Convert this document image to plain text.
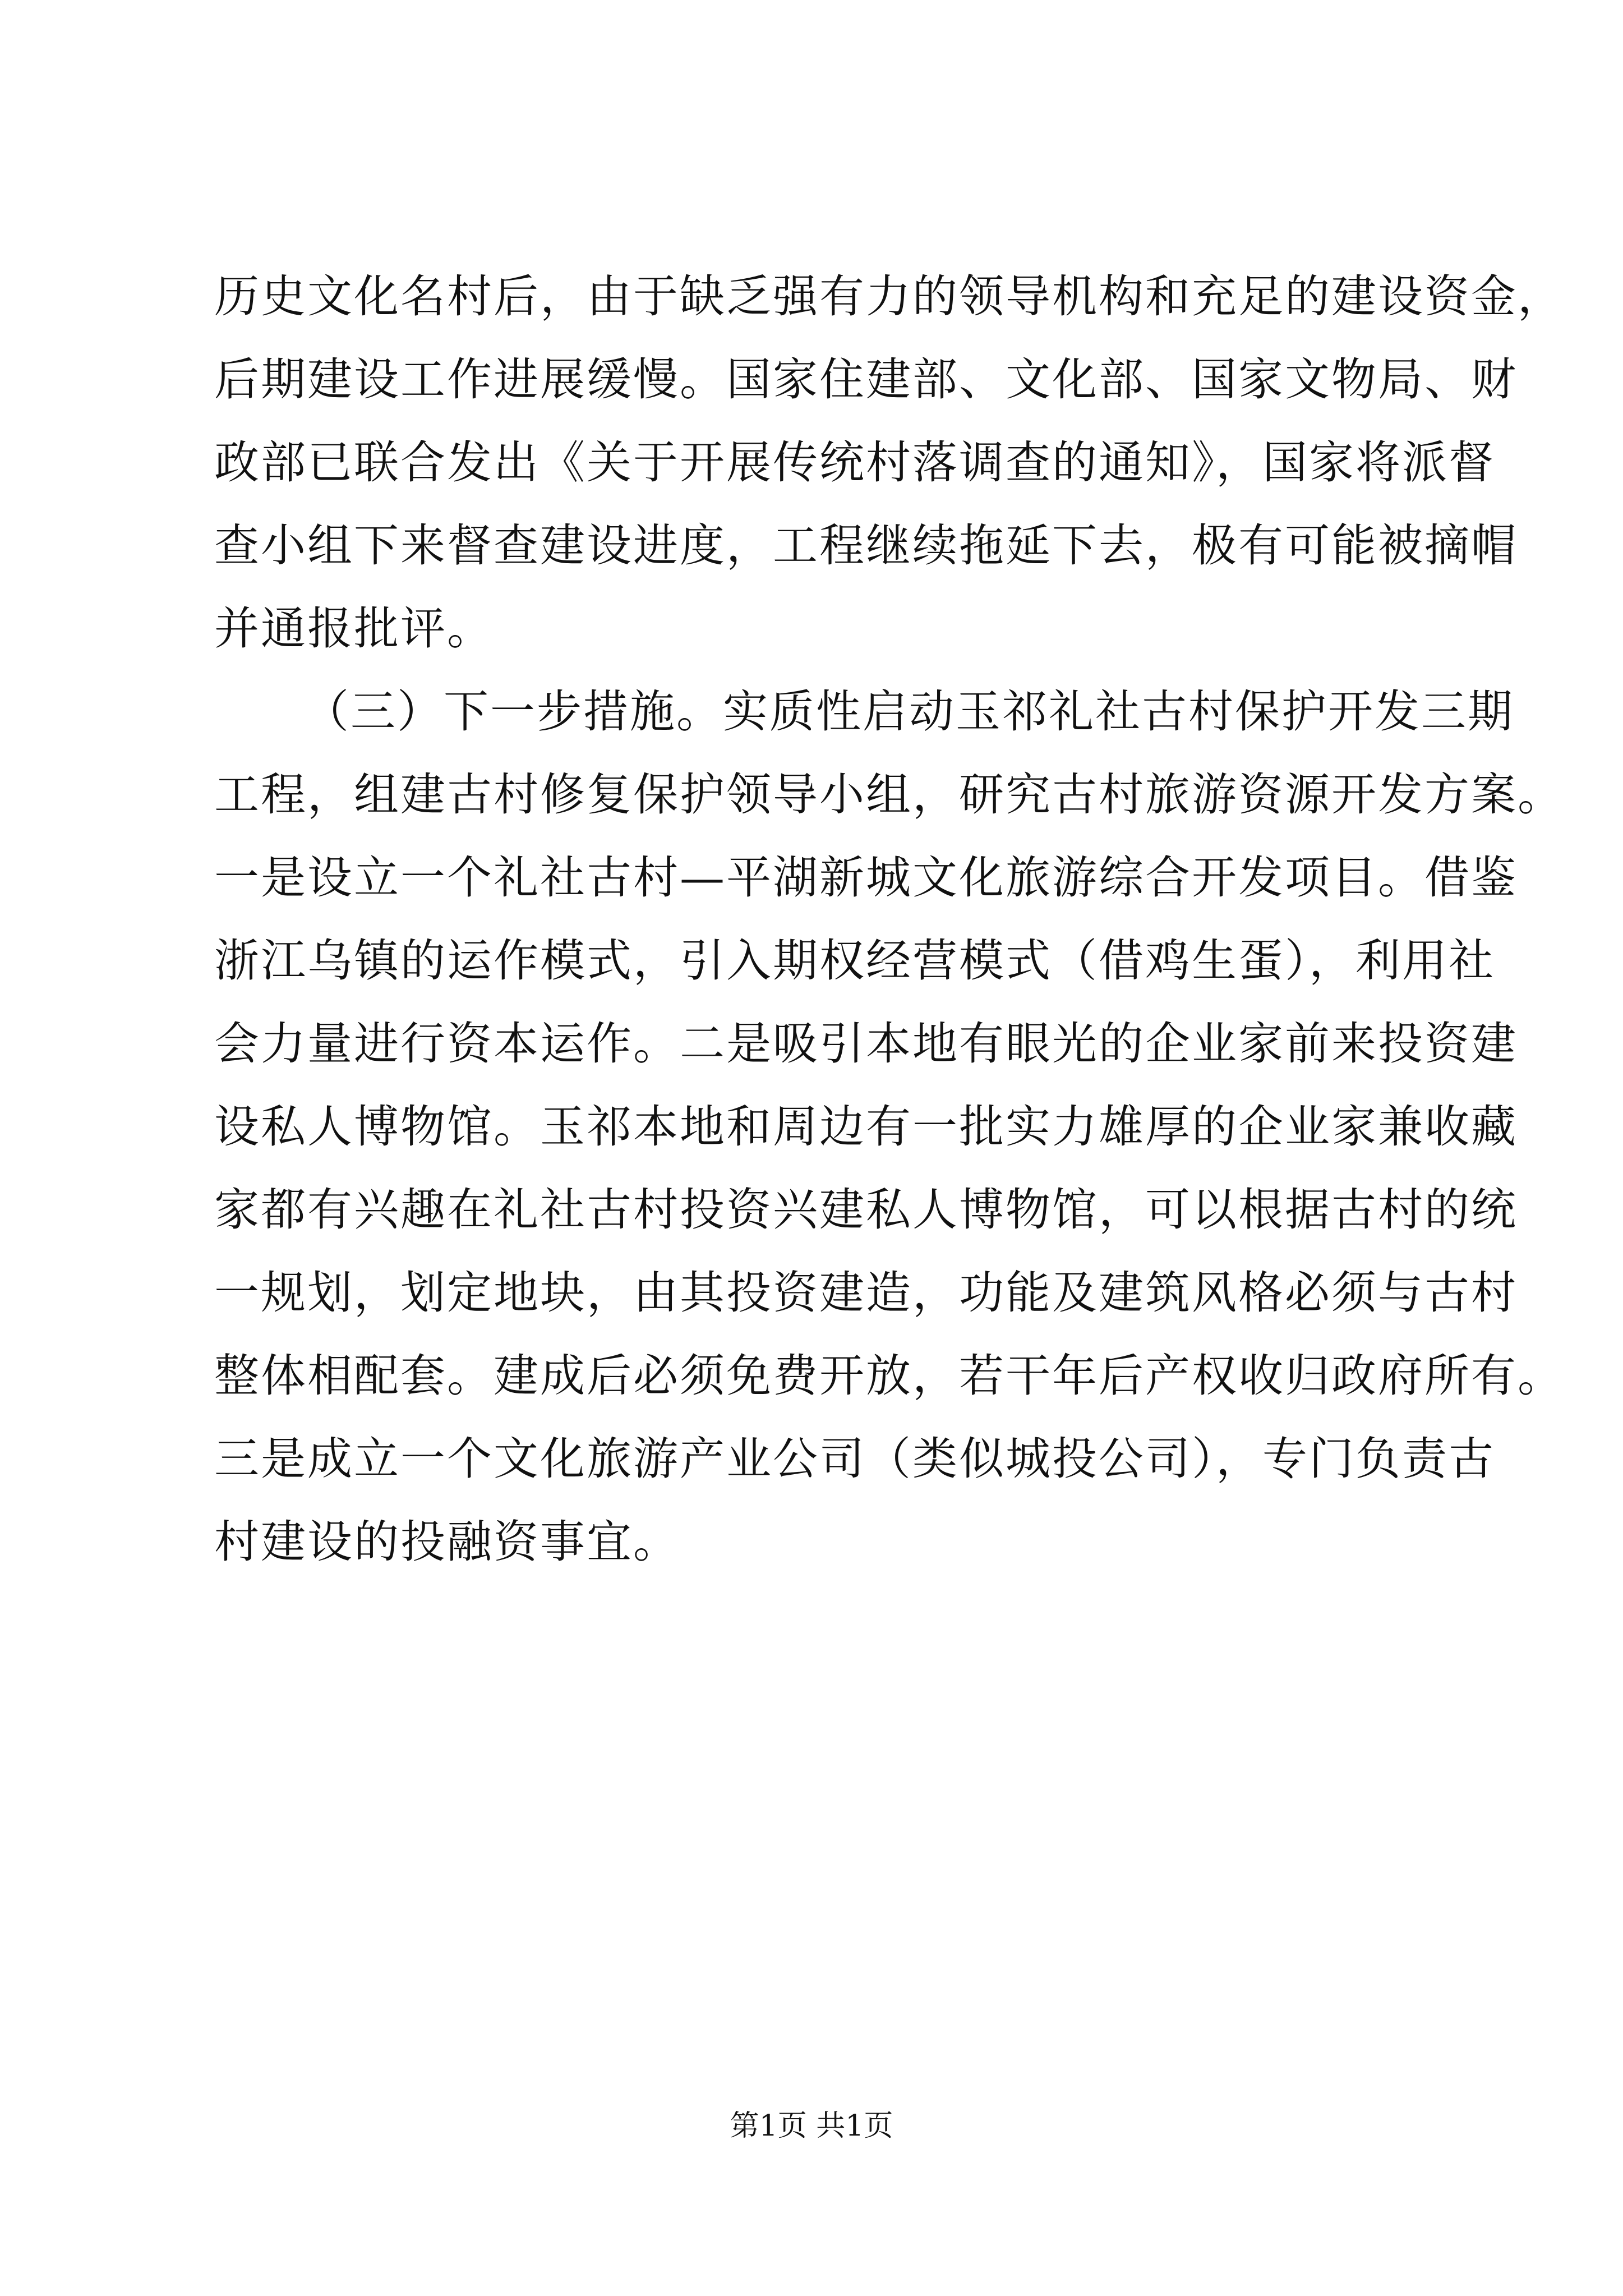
历史文化名村后，由于缺乏强有力的领导机构和充足的建设资金，
后期建设工作进展缓慢。国家住建部、文化部、国家文物局、财
政部已联合发出《关于开展传统村落调查的通知》，国家将派督
查小组下来督查建设进度，工程继续拖延下去，极有可能被摘帽
并通报批评。
（三）下一步措施。实质性启动玉祁礼社古村保护开发三期
工程，组建古村修复保护领导小组，研究古村旅游资源开发方案。
一是设立一个礼社古村—平湖新城文化旅游综合开发项目。借鉴
浙江乌镇的运作模式，引入期权经营模式（借鸡生蛋），利用社
会力量进行资本运作。二是吸引本地有眼光的企业家前来投资建
设私人博物馆。玉祁本地和周边有一批实力雄厚的企业家兼收藏
家都有兴趣在礼社古村投资兴建私人博物馆，可以根据古村的统
一规划，划定地块，由其投资建造，功能及建筑风格必须与古村
整体相配套。建成后必须免费开放，若干年后产权收归政府所有。
三是成立一个文化旅游产业公司（类似城投公司），专门负责古
村建设的投融资事宜。
第1页 共1页
